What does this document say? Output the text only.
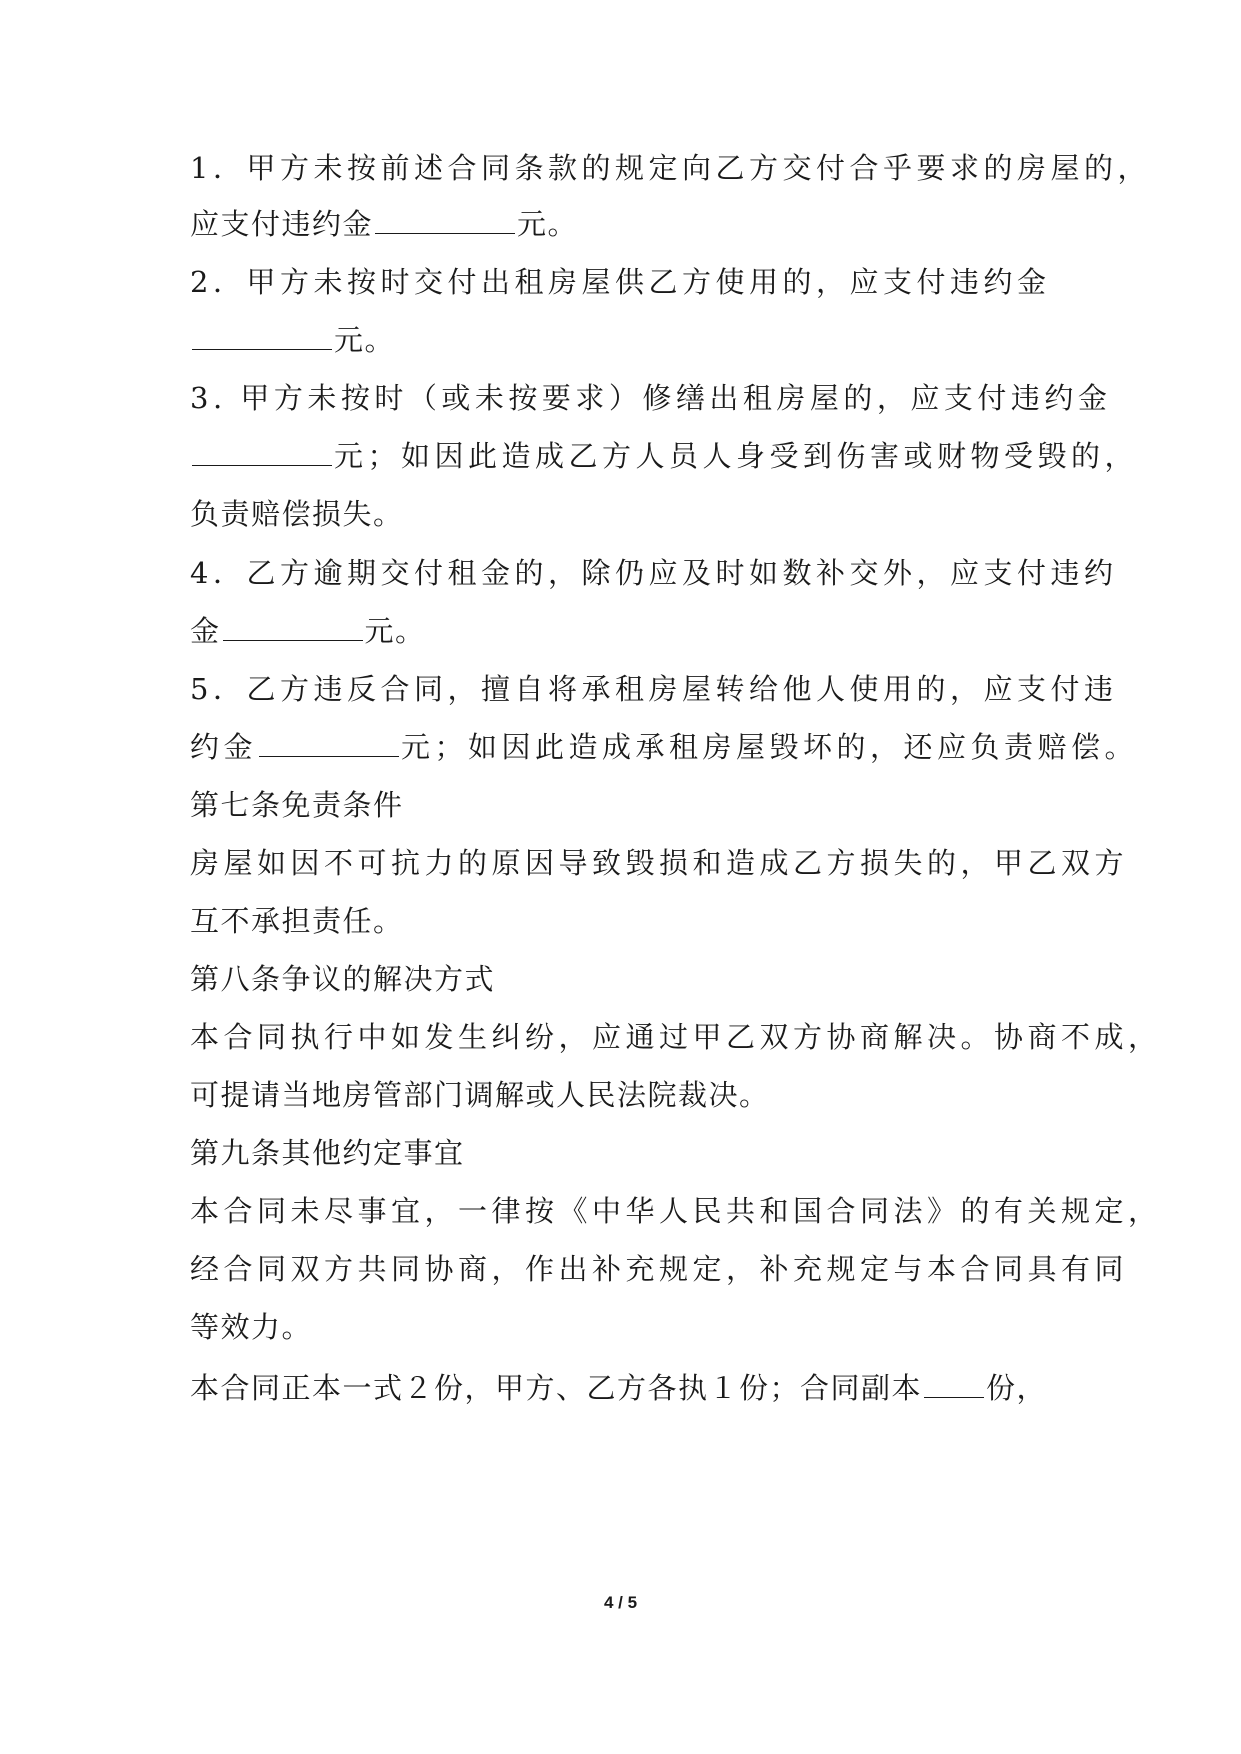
1．甲方未按前述合同条款的规定向乙方交付合乎要求的房屋的，
应支付违约金	元。
2．甲方未按时交付出租房屋供乙方使用的，应支付违约金
元。
3. 甲方未按时（或未按要求）修缮出租房屋的，应支付违约金
元；如因此造成乙方人员人身受到伤害或财物受毁的，
负责赔偿损失。
4．乙方逾期交付租金的，除仍应及时如数补交外，应支付违约
金	元。
5．乙方违反合同，擅自将承租房屋转给他人使用的，应支付违
约金	元；如因此造成承租房屋毁坏的，还应负责赔偿。
第七条免责条件
房屋如因不可抗力的原因导致毁损和造成乙方损失的，甲乙双方
互不承担责任。
第八条争议的解决方式
本合同执行中如发生纠纷，应通过甲乙双方协商解决。协商不成，
可提请当地房管部门调解或人民法院裁决。
第九条其他约定事宜
本合同未尽事宜，一律按《中华人民共和国合同法》的有关规定，
经合同双方共同协商，作出补充规定，补充规定与本合同具有同
等效力。
本合同正本一式２份，甲方、乙方各执１份；合同副本 份，
4 / 5
